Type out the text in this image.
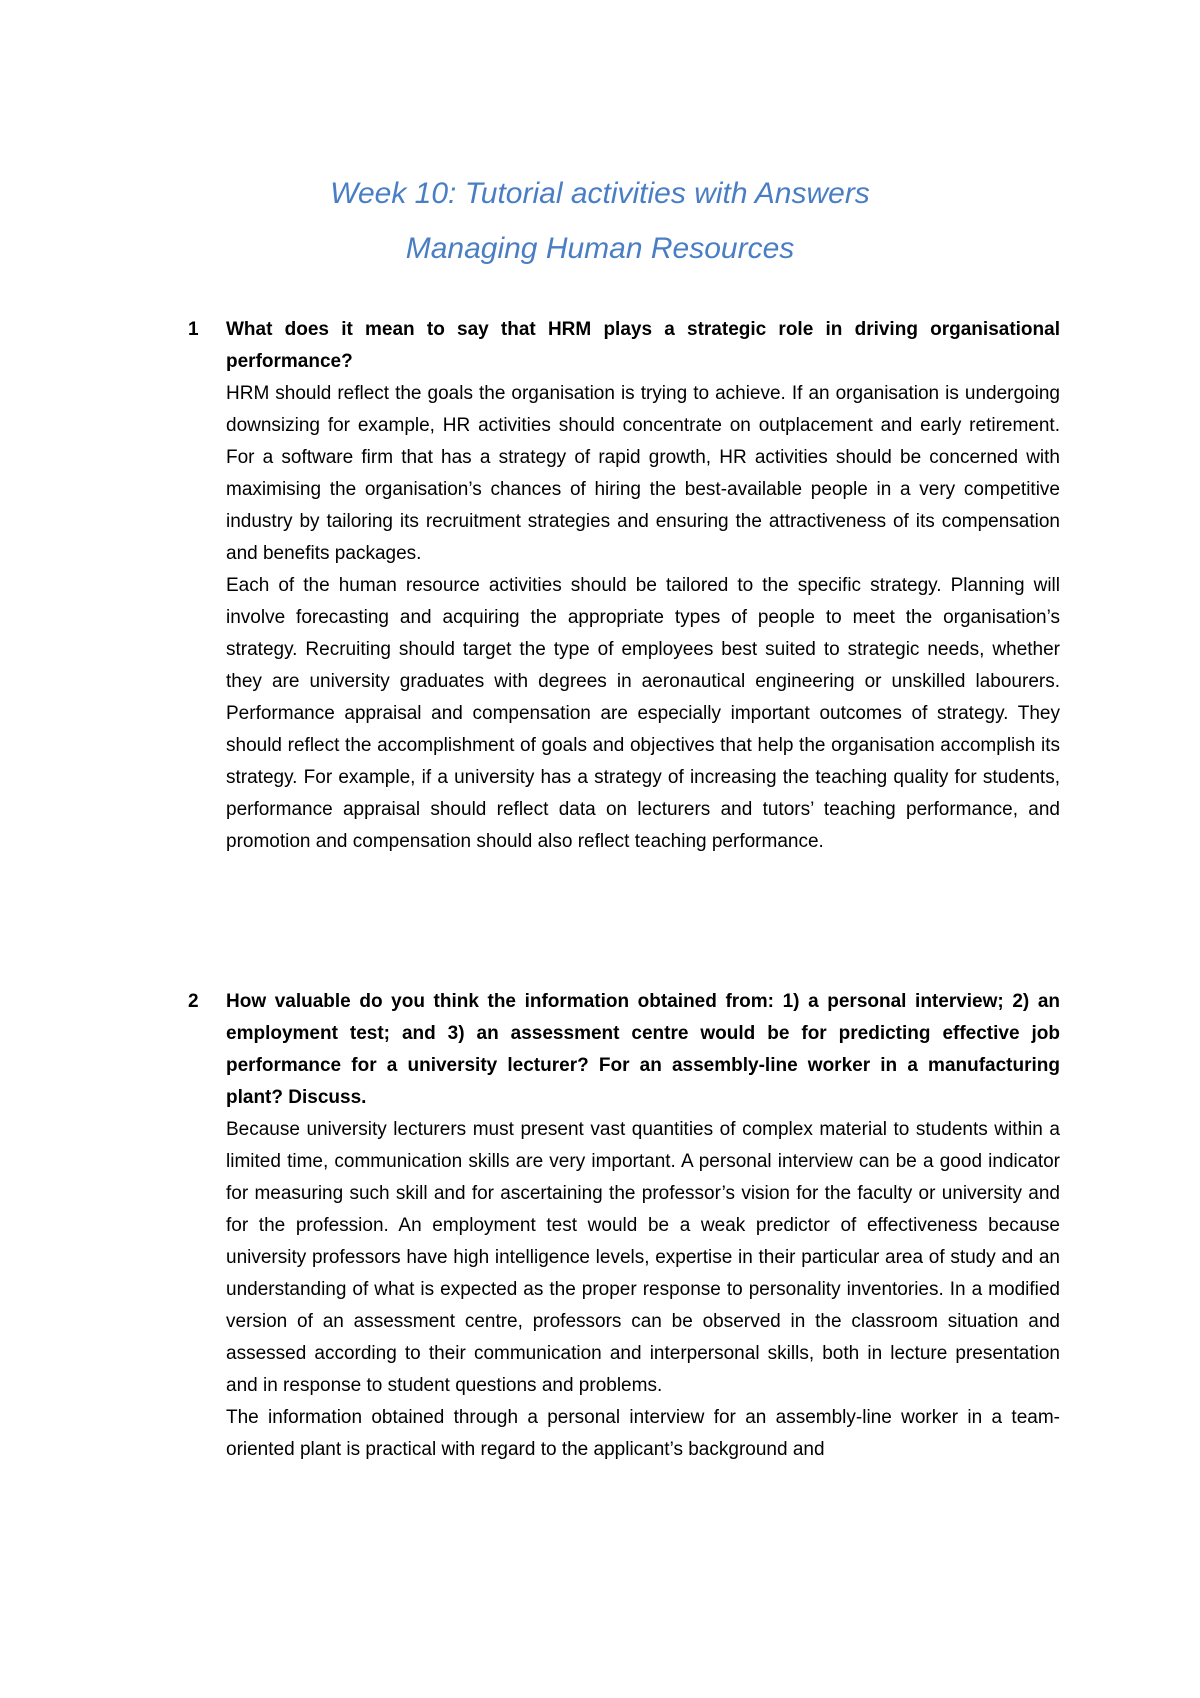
Week 10: Tutorial activities with Answers
Managing Human Resources
1 What does it mean to say that HRM plays a strategic role in driving organisational performance?

HRM should reflect the goals the organisation is trying to achieve. If an organisation is undergoing downsizing for example, HR activities should concentrate on outplacement and early retirement. For a software firm that has a strategy of rapid growth, HR activities should be concerned with maximising the organisation’s chances of hiring the best-available people in a very competitive industry by tailoring its recruitment strategies and ensuring the attractiveness of its compensation and benefits packages.

Each of the human resource activities should be tailored to the specific strategy. Planning will involve forecasting and acquiring the appropriate types of people to meet the organisation’s strategy. Recruiting should target the type of employees best suited to strategic needs, whether they are university graduates with degrees in aeronautical engineering or unskilled labourers. Performance appraisal and compensation are especially important outcomes of strategy. They should reflect the accomplishment of goals and objectives that help the organisation accomplish its strategy. For example, if a university has a strategy of increasing the teaching quality for students, performance appraisal should reflect data on lecturers and tutors’ teaching performance, and promotion and compensation should also reflect teaching performance.

2 How valuable do you think the information obtained from: 1) a personal interview; 2) an employment test; and 3) an assessment centre would be for predicting effective job performance for a university lecturer? For an assembly-line worker in a manufacturing plant? Discuss.

Because university lecturers must present vast quantities of complex material to students within a limited time, communication skills are very important. A personal interview can be a good indicator for measuring such skill and for ascertaining the professor’s vision for the faculty or university and for the profession. An employment test would be a weak predictor of effectiveness because university professors have high intelligence levels, expertise in their particular area of study and an understanding of what is expected as the proper response to personality inventories. In a modified version of an assessment centre, professors can be observed in the classroom situation and assessed according to their communication and interpersonal skills, both in lecture presentation and in response to student questions and problems.

The information obtained through a personal interview for an assembly-line worker in a team-oriented plant is practical with regard to the applicant’s background and
